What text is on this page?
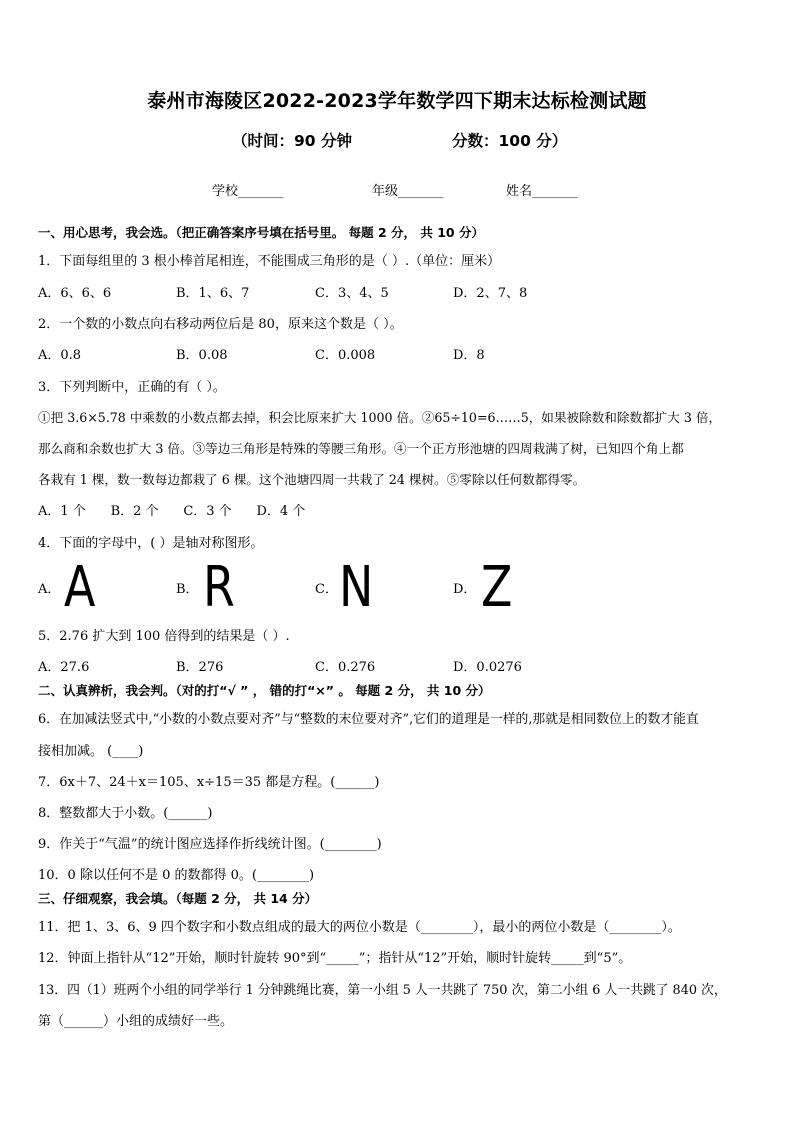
泰州市海陵区2022-2023学年数学四下期末达标检测试题
（时间：90 分钟	分数：100 分）
学校_______	年级_______	姓名_______
一、用心思考，我会选。（把正确答案序号填在括号里。 每题 2 分， 共 10 分）
1．下面每组里的 3 根小棒首尾相连，不能围成三角形的是（ ）.（单位：厘米）
A．6、6、6	B．1、6、7	C．3、4、5	D．2、7、8
2．一个数的小数点向右移动两位后是 80，原来这个数是（ ）。
A．0.8	B．0.08	C．0.008	D．8
3．下列判断中，正确的有（ ）。
①把 3.6×5.78 中乘数的小数点都去掉，积会比原来扩大 1000 倍。②65÷10=6……5，如果被除数和除数都扩大 3 倍，
那么商和余数也扩大 3 倍。③等边三角形是特殊的等腰三角形。④一个正方形池塘的四周栽满了树，已知四个角上都
各栽有 1 棵，数一数每边都栽了 6 棵。这个池塘四周一共栽了 24 棵树。⑤零除以任何数都得零。
A．1 个      B．2 个      C．3 个      D．4 个
4．下面的字母中，( ）是轴对称图形。
A． A	B． R	C． N	D． Z
5．2.76 扩大到 100 倍得到的结果是（ ）.
A．27.6	B．276	C．0.276	D．0.0276
二、认真辨析，我会判。（对的打“√ ” ， 错的打“×” 。 每题 2 分， 共 10 分）
6．在加减法竖式中,“小数的小数点要对齐”与“整数的末位要对齐”,它们的道理是一样的,那就是相同数位上的数才能直
接相加减。 (____)
7．6x＋7、24＋x＝105、x÷15＝35 都是方程。(______)
8．整数都大于小数。(______)
9．作关于“气温”的统计图应选择作折线统计图。(________)
10．0 除以任何不是 0 的数都得 0。(________)
三、仔细观察，我会填。（每题 2 分， 共 14 分）
11．把 1、3、6、9 四个数字和小数点组成的最大的两位小数是（________），最小的两位小数是（________）。
12．钟面上指针从“12”开始，顺时针旋转 90°到“_____”；指针从“12”开始，顺时针旋转_____到“5”。
13．四（1）班两个小组的同学举行 1 分钟跳绳比赛，第一小组 5 人一共跳了 750 次，第二小组 6 人一共跳了 840 次，
第（______）小组的成绩好一些。
